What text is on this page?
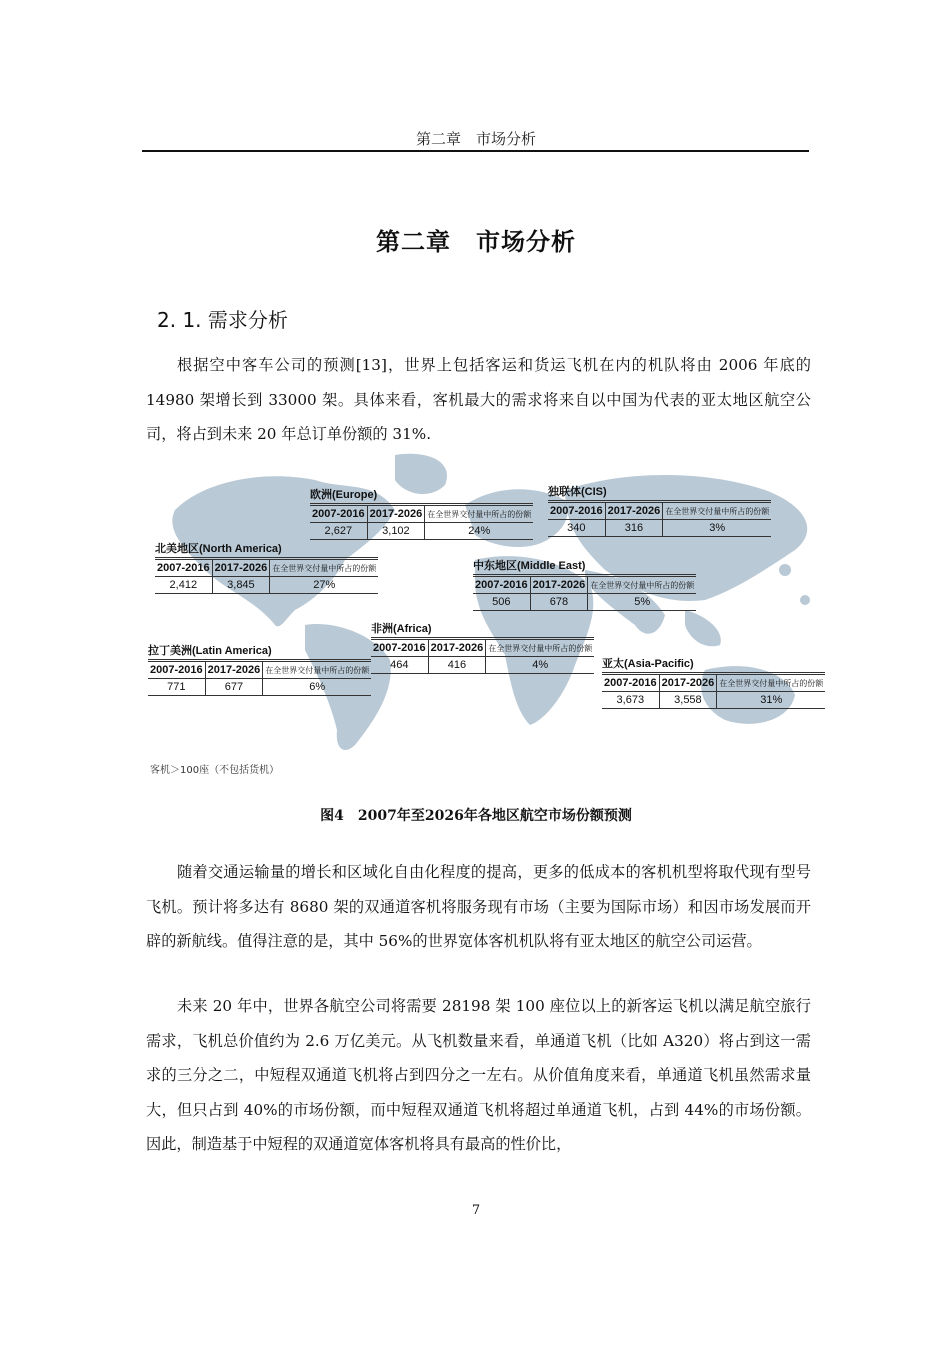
第二章　市场分析
第二章　市场分析
2. 1. 需求分析

根据空中客车公司的预测[13]，世界上包括客运和货运飞机在内的机队将由 2006 年底的 14980 架增长到 33000 架。具体来看，客机最大的需求将来自以中国为代表的亚太地区航空公司，将占到未来 20 年总订单份额的 31%.

欧洲(Europe)
2007-2016	2017-2026	在全世界交付量中所占的份额
2,627	3,102	24%
独联体(CIS)
2007-2016	2017-2026	在全世界交付量中所占的份额
340	316	3%
北美地区(North America)
2007-2016	2017-2026	在全世界交付量中所占的份额
2,412	3,845	27%
中东地区(Middle East)
2007-2016	2017-2026	在全世界交付量中所占的份额
506	678	5%
非洲(Africa)
2007-2016	2017-2026	在全世界交付量中所占的份额
464	416	4%
拉丁美洲(Latin America)
2007-2016	2017-2026	在全世界交付量中所占的份额
771	677	6%
亚太(Asia-Pacific)
2007-2016	2017-2026	在全世界交付量中所占的份额
3,673	3,558	31%
客机＞100座（不包括货机）
图4　2007年至2026年各地区航空市场份额预测

随着交通运输量的增长和区域化自由化程度的提高，更多的低成本的客机机型将取代现有型号飞机。预计将多达有 8680 架的双通道客机将服务现有市场（主要为国际市场）和因市场发展而开辟的新航线。值得注意的是，其中 56%的世界宽体客机机队将有亚太地区的航空公司运营。

未来 20 年中，世界各航空公司将需要 28198 架 100 座位以上的新客运飞机以满足航空旅行需求，飞机总价值约为 2.6 万亿美元。从飞机数量来看，单通道飞机（比如 A320）将占到这一需求的三分之二，中短程双通道飞机将占到四分之一左右。从价值角度来看，单通道飞机虽然需求量大，但只占到 40%的市场份额，而中短程双通道飞机将超过单通道飞机，占到 44%的市场份额。因此，制造基于中短程的双通道宽体客机将具有最高的性价比，

7
